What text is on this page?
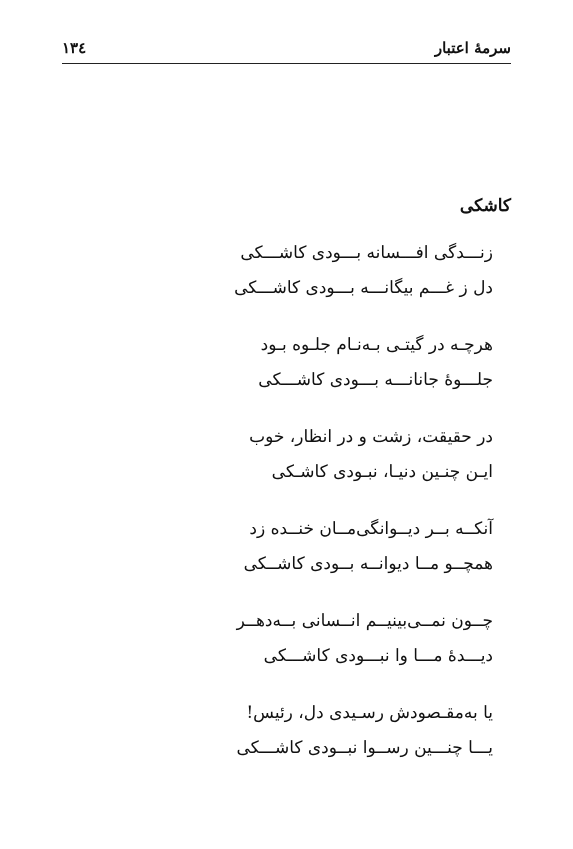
سرمهٔ اعتبار
۱۳٤
کاشکی
زنـــدگی افـــسانه بـــودی کاشـــکی
دل ز غـــم بیگانـــه بـــودی کاشـــکی
هرچـه در گیتـی بـه‌نـام جلـوه بـود
جلـــوهٔ جانانـــه بـــودی کاشـــکی
در حقیقت، زشت و در انظار، خوب
ایـن چنـین دنیـا، نبـودی کاشـکی
آنکــه بــر دیــوانگی‌مــان خنــده زد
همچــو مــا دیوانــه بــودی کاشــکی
چــون نمــی‌بینیــم انــسانی بــه‌دهــر
دیـــدهٔ مـــا وا نبـــودی کاشـــکی
یا به‌مقـصودش رسـیدی دل، رئیس!
یـــا چنـــین رســوا نبــودی کاشـــکی
